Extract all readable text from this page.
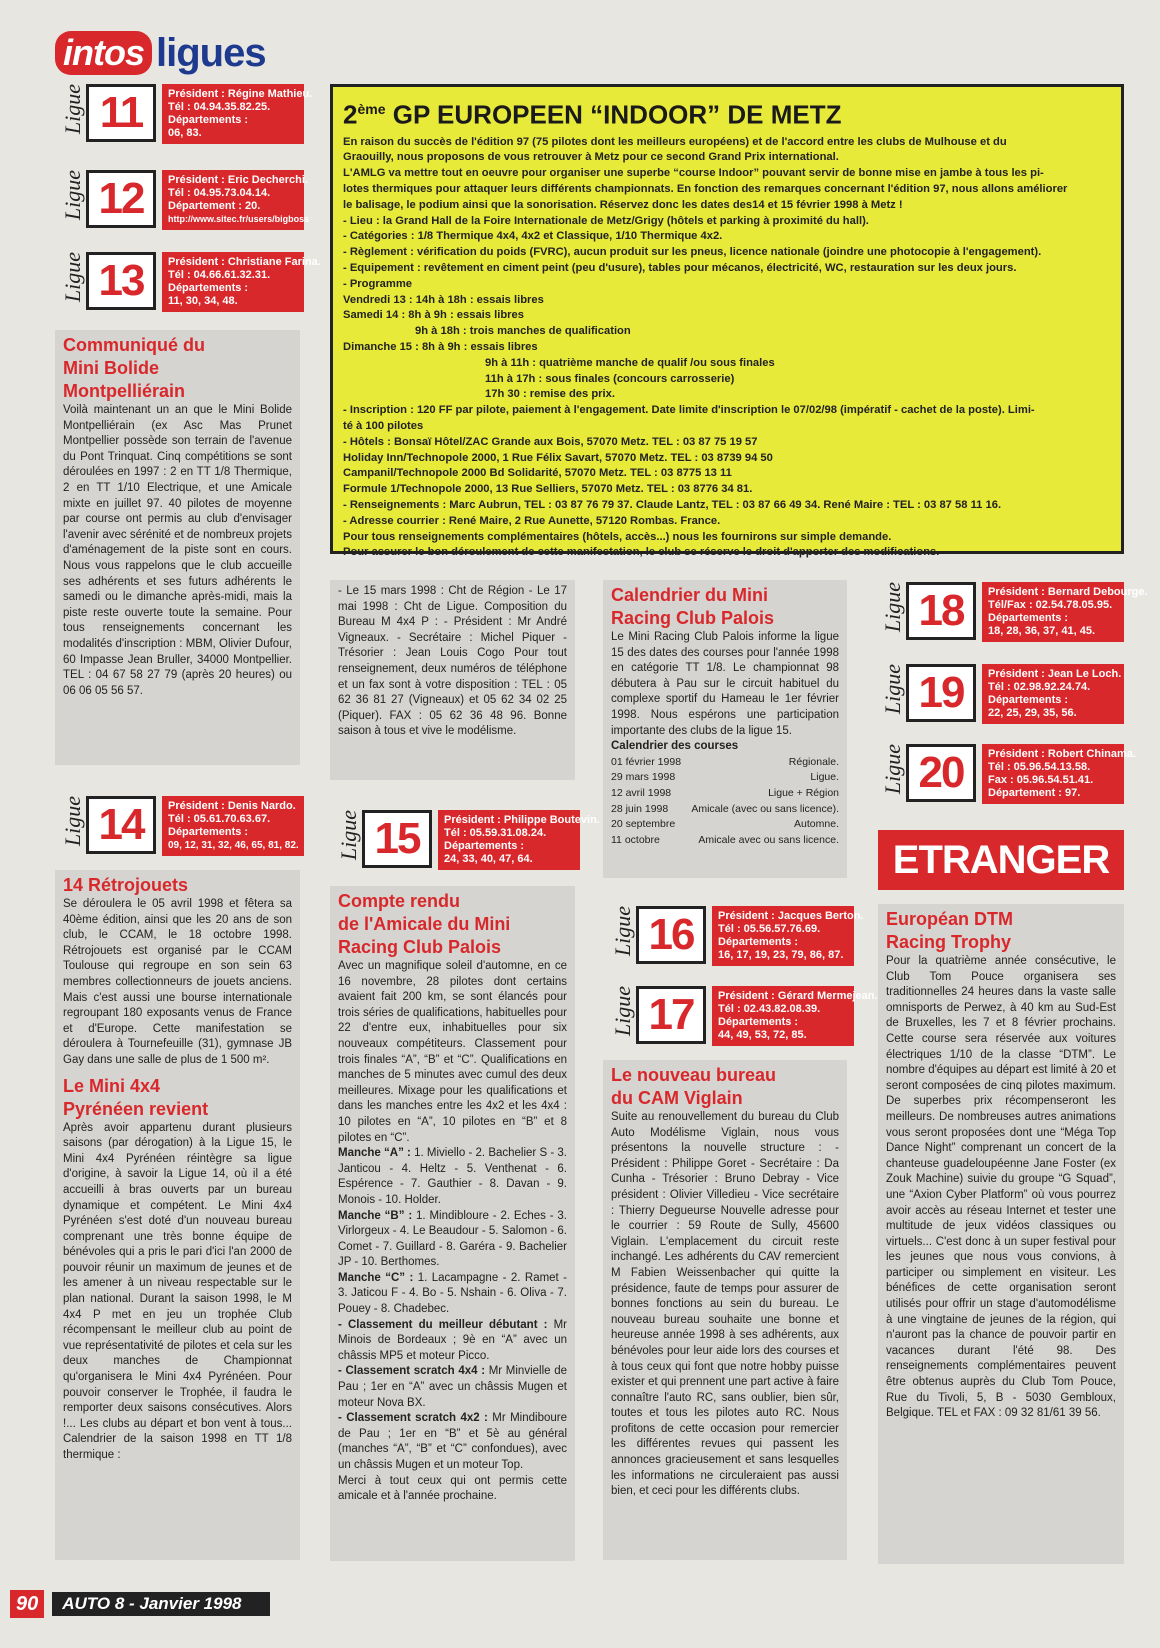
intos ligues
Ligue 11	Président : Régine Mathieu.
Tél : 04.94.35.82.25.
Départements :
06, 83.
Ligue 12	Président : Eric Decherchi.
Tél : 04.95.73.04.14.
Département : 20.
http://www.sitec.fr/users/bigboss
Ligue 13	Président : Christiane Farina.
Tél : 04.66.61.32.31.
Départements :
11, 30, 34, 48.
2ème GP EUROPEEN “INDOOR” DE METZ
En raison du succès de l'édition 97 (75 pilotes dont les meilleurs européens) et de l'accord entre les clubs de Mulhouse et du
Graouilly, nous proposons de vous retrouver à Metz pour ce second Grand Prix international.
L'AMLG va mettre tout en oeuvre pour organiser une superbe “course Indoor” pouvant servir de bonne mise en jambe à tous les pi-
lotes thermiques pour attaquer leurs différents championnats. En fonction des remarques concernant l'édition 97, nous allons améliorer
le balisage, le podium ainsi que la sonorisation. Réservez donc les dates des14 et 15 février 1998 à Metz !
- Lieu : la Grand Hall de la Foire Internationale de Metz/Grigy (hôtels et parking à proximité du hall).
- Catégories : 1/8 Thermique 4x4, 4x2 et Classique, 1/10 Thermique 4x2.
- Règlement : vérification du poids (FVRC), aucun produit sur les pneus, licence nationale (joindre une photocopie à l'engagement).
- Equipement : revêtement en ciment peint (peu d'usure), tables pour mécanos, électricité, WC, restauration sur les deux jours.
- Programme
Vendredi 13 : 14h à 18h : essais libres
Samedi 14 : 8h à 9h : essais libres
9h à 18h : trois manches de qualification
Dimanche 15 : 8h à 9h : essais libres
9h à 11h : quatrième manche de qualif /ou sous finales
11h à 17h : sous finales (concours carrosserie)
17h 30 : remise des prix.
- Inscription : 120 FF par pilote, paiement à l'engagement. Date limite d'inscription le 07/02/98 (impératif - cachet de la poste). Limi-
té à 100 pilotes
- Hôtels : Bonsaï Hôtel/ZAC Grande aux Bois, 57070 Metz. TEL : 03 87 75 19 57
Holiday Inn/Technopole 2000, 1 Rue Félix Savart, 57070 Metz. TEL : 03 8739 94 50
Campanil/Technopole 2000 Bd Solidarité, 57070 Metz. TEL : 03 8775 13 11
Formule 1/Technopole 2000, 13 Rue Selliers, 57070 Metz. TEL : 03 8776 34 81.
- Renseignements : Marc Aubrun, TEL : 03 87 76 79 37. Claude Lantz, TEL : 03 87 66 49 34. René Maire : TEL : 03 87 58 11 16.
- Adresse courrier : René Maire, 2 Rue Aunette, 57120 Rombas. France.
Pour tous renseignements complémentaires (hôtels, accès...) nous les fournirons sur simple demande.
Pour assurer le bon déroulement de cette manifestation, le club se réserve le droit d'apporter des modifications.
Communiqué du
Mini Bolide
Montpelliérain
Voilà maintenant un an que le Mini Bolide Montpelliérain (ex Asc Mas Prunet Montpellier possède son terrain de l'avenue du Pont Trinquat. Cinq compétitions se sont déroulées en 1997 : 2 en TT 1/8 Thermique, 2 en TT 1/10 Electrique, et une Amicale mixte en juillet 97. 40 pilotes de moyenne par course ont permis au club d'envisager l'avenir avec sérénité et de nombreux projets d'aménagement de la piste sont en cours. Nous vous rappelons que le club accueille ses adhérents et ses futurs adhérents le samedi ou le dimanche après-midi, mais la piste reste ouverte toute la semaine. Pour tous renseignements concernant les modalités d'inscription : MBM, Olivier Dufour, 60 Impasse Jean Bruller, 34000 Montpellier. TEL : 04 67 58 27 79 (après 20 heures) ou 06 06 05 56 57.
- Le 15 mars 1998 : Cht de Région - Le 17 mai 1998 : Cht de Ligue. Composition du Bureau M 4x4 P : - Président : Mr André Vigneaux. - Secrétaire : Michel Piquer - Trésorier : Jean Louis Cogo Pour tout renseignement, deux numéros de téléphone et un fax sont à votre disposition : TEL : 05 62 36 81 27 (Vigneaux) et 05 62 34 02 25 (Piquer). FAX : 05 62 36 48 96. Bonne saison à tous et vive le modélisme.
Calendrier du Mini
Racing Club Palois
Le Mini Racing Club Palois informe la ligue 15 des dates des courses pour l'année 1998 en catégorie TT 1/8. Le championnat 98 débutera à Pau sur le circuit habituel du complexe sportif du Hameau le 1er février 1998. Nous espérons une participation importante des clubs de la ligue 15.
Calendrier des courses
01 février 1998	Régionale.
29 mars 1998	Ligue.
12 avril 1998	Ligue + Région
28 juin 1998 Amicale (avec ou sans licence).
20 septembre	Automne.
11 octobre	Amicale avec ou sans licence.
Ligue 18	Président : Bernard Debourge.
Tél/Fax : 02.54.78.05.95.
Départements :
18, 28, 36, 37, 41, 45.
Ligue 19	Président : Jean Le Loch.
Tél : 02.98.92.24.74.
Départements :
22, 25, 29, 35, 56.
Ligue 20	Président : Robert Chinama.
Tél : 05.96.54.13.58.
Fax : 05.96.54.51.41.
Département : 97.
ETRANGER
Ligue 14	Président : Denis Nardo.
Tél : 05.61.70.63.67.
Départements :
09, 12, 31, 32, 46, 65, 81, 82. Ligue 15	Président : Philippe Boutevin.
Tél : 05.59.31.08.24.
Départements :
24, 33, 40, 47, 64.
Ligue 16	Président : Jacques Berton.
Tél : 05.56.57.76.69.
Départements :
16, 17, 19, 23, 79, 86, 87.
Ligue 17	Président : Gérard Mermejean.
Tél : 02.43.82.08.39.
Départements :
44, 49, 53, 72, 85.
14 Rétrojouets
Se déroulera le 05 avril 1998 et fêtera sa 40ème édition, ainsi que les 20 ans de son club, le CCAM, le 18 octobre 1998. Rétrojouets est organisé par le CCAM Toulouse qui regroupe en son sein 63 membres collectionneurs de jouets anciens. Mais c'est aussi une bourse internationale regroupant 180 exposants venus de France et d'Europe. Cette manifestation se déroulera à Tournefeuille (31), gymnase JB Gay dans une salle de plus de 1 500 m².
Le Mini 4x4
Pyrénéen revient
Après avoir appartenu durant plusieurs saisons (par dérogation) à la Ligue 15, le Mini 4x4 Pyrénéen réintègre sa ligue d'origine, à savoir la Ligue 14, où il a été accueilli à bras ouverts par un bureau dynamique et compétent. Le Mini 4x4 Pyrénéen s'est doté d'un nouveau bureau comprenant une très bonne équipe de bénévoles qui a pris le pari d'ici l'an 2000 de pouvoir réunir un maximum de jeunes et de les amener à un niveau respectable sur le plan national. Durant la saison 1998, le M 4x4 P met en jeu un trophée Club récompensant le meilleur club au point de vue représentativité de pilotes et cela sur les deux manches de Championnat qu'organisera le Mini 4x4 Pyrénéen. Pour pouvoir conserver le Trophée, il faudra le remporter deux saisons consécutives. Alors !... Les clubs au départ et bon vent à tous... Calendrier de la saison 1998 en TT 1/8 thermique :
Compte rendu
de l'Amicale du Mini
Racing Club Palois

Avec un magnifique soleil d'automne, en ce 16 novembre, 28 pilotes dont certains avaient fait 200 km, se sont élancés pour trois séries de qualifications, habituelles pour 22 d'entre eux, inhabituelles pour six nouveaux compétiteurs. Classement pour trois finales “A”, “B” et “C”. Qualifications en manches de 5 minutes avec cumul des deux meilleures. Mixage pour les qualifications et dans les manches entre les 4x2 et les 4x4 : 10 pilotes en “A”, 10 pilotes en “B” et 8 pilotes en “C”.

Manche “A” : 1. Miviello - 2. Bachelier S - 3. Janticou - 4. Heltz - 5. Venthenat - 6. Espérence - 7. Gauthier - 8. Davan - 9. Monois - 10. Holder.

Manche “B” : 1. Mindibloure - 2. Eches - 3. Virlorgeux - 4. Le Beaudour - 5. Salomon - 6. Comet - 7. Guillard - 8. Garéra - 9. Bachelier JP - 10. Berthomes.

Manche “C” : 1. Lacampagne - 2. Ramet - 3. Jaticou F - 4. Bo - 5. Nshain - 6. Oliva - 7. Pouey - 8. Chadebec.

- Classement du meilleur débutant : Mr Minois de Bordeaux ; 9è en “A” avec un châssis MP5 et moteur Picco.

- Classement scratch 4x4 : Mr Minvielle de Pau ; 1er en “A” avec un châssis Mugen et moteur Nova BX.

- Classement scratch 4x2 : Mr Mindiboure de Pau ; 1er en “B” et 5è au général (manches “A”, “B” et “C” confondues), avec un châssis Mugen et un moteur Top.

Merci à tout ceux qui ont permis cette amicale et à l'année prochaine.

Le nouveau bureau
du CAM Viglain
Suite au renouvellement du bureau du Club Auto Modélisme Viglain, nous vous présentons la nouvelle structure : - Président : Philippe Goret - Secrétaire : Da Cunha - Trésorier : Bruno Debray - Vice président : Olivier Villedieu - Vice secrétaire : Thierry Degueurse Nouvelle adresse pour le courrier : 59 Route de Sully, 45600 Viglain. L'emplacement du circuit reste inchangé. Les adhérents du CAV remercient M Fabien Weissenbacher qui quitte la présidence, faute de temps pour assurer de bonnes fonctions au sein du bureau. Le nouveau bureau souhaite une bonne et heureuse année 1998 à ses adhérents, aux bénévoles pour leur aide lors des courses et à tous ceux qui font que notre hobby puisse exister et qui prennent une part active à faire connaître l'auto RC, sans oublier, bien sûr, toutes et tous les pilotes auto RC. Nous profitons de cette occasion pour remercier les différentes revues qui passent les annonces gracieusement et sans lesquelles les informations ne circuleraient pas aussi bien, et ceci pour les différents clubs.
Européan DTM
Racing Trophy
Pour la quatrième année consécutive, le Club Tom Pouce organisera ses traditionnelles 24 heures dans la vaste salle omnisports de Perwez, à 40 km au Sud-Est de Bruxelles, les 7 et 8 février prochains. Cette course sera réservée aux voitures électriques 1/10 de la classe “DTM”. Le nombre d'équipes au départ est limité à 20 et seront composées de cinq pilotes maximum. De superbes prix récompenseront les meilleurs. De nombreuses autres animations vous seront proposées dont une “Méga Top Dance Night” comprenant un concert de la chanteuse guadeloupéenne Jane Foster (ex Zouk Machine) suivie du groupe “G Squad”, une “Axion Cyber Platform” où vous pourrez avoir accès au réseau Internet et tester une multitude de jeux vidéos classiques ou virtuels... C'est donc à un super festival pour les jeunes que nous vous convions, à participer ou simplement en visiteur. Les bénéfices de cette organisation seront utilisés pour offrir un stage d'automodélisme à une vingtaine de jeunes de la région, qui n'auront pas la chance de pouvoir partir en vacances durant l'été 98. Des renseignements complémentaires peuvent être obtenus auprès du Club Tom Pouce, Rue du Tivoli, 5, B - 5030 Gembloux, Belgique. TEL et FAX : 09 32 81/61 39 56.
90	AUTO 8 - Janvier 1998
